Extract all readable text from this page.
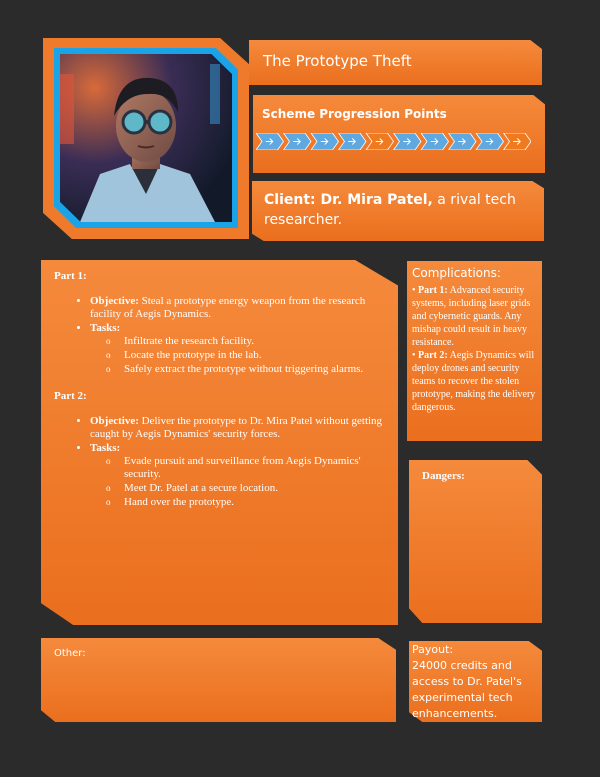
The Prototype Theft
Scheme Progression Points
Client: Dr. Mira Patel, a rival tech researcher.
Part 1:
• Objective: Steal a prototype energy weapon from the research facility of Aegis Dynamics.
• Tasks:
o Infiltrate the research facility.
o Locate the prototype in the lab.
o Safely extract the prototype without triggering alarms.
Part 2:
• Objective: Deliver the prototype to Dr. Mira Patel without getting caught by Aegis Dynamics' security forces.
• Tasks:
o Evade pursuit and surveillance from Aegis Dynamics' security.
o Meet Dr. Patel at a secure location.
o Hand over the prototype.
Complications:
• Part 1: Advanced security systems, including laser grids and cybernetic guards. Any mishap could result in heavy resistance.
• Part 2: Aegis Dynamics will deploy drones and security teams to recover the stolen prototype, making the delivery dangerous.
Dangers:
Other:	Payout:
24000 credits and access to Dr. Patel's experimental tech enhancements.
